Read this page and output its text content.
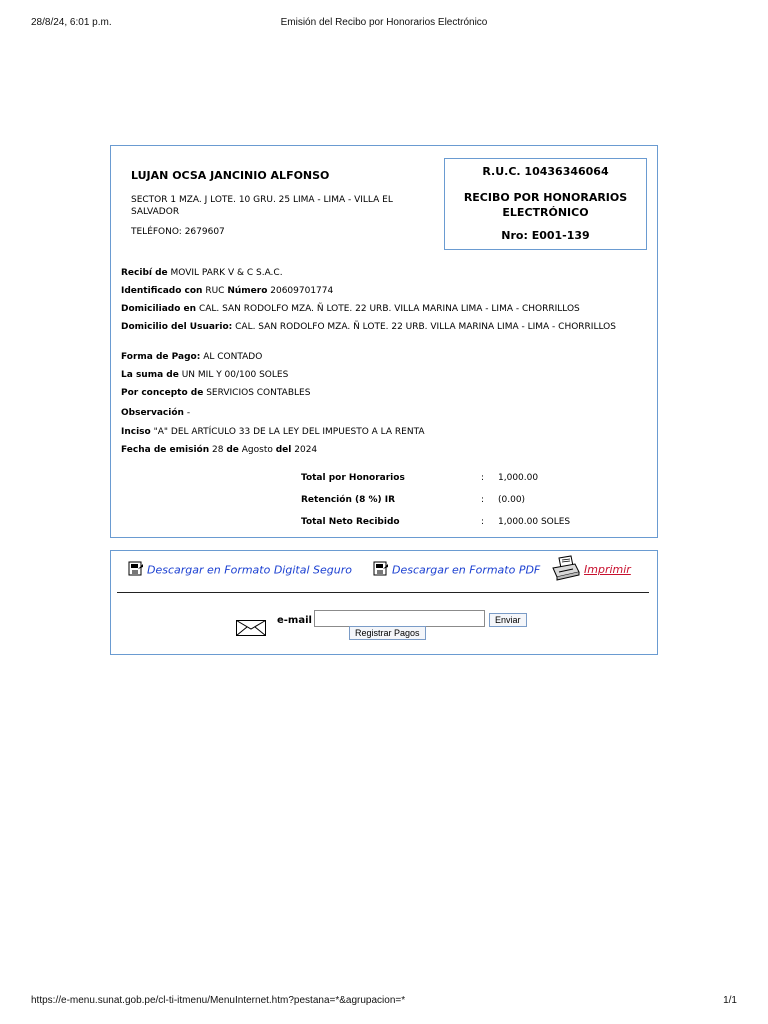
28/8/24, 6:01 p.m.	Emisión del Recibo por Honorarios Electrónico
LUJAN OCSA JANCINIO ALFONSO
SECTOR 1 MZA. J LOTE. 10 GRU. 25 LIMA - LIMA - VILLA EL SALVADOR
TELÉFONO: 2679607
R.U.C. 10436346064
RECIBO POR HONORARIOS ELECTRÓNICO
Nro: E001-139
Recibí de MOVIL PARK V & C S.A.C.
Identificado con RUC Número 20609701774
Domiciliado en CAL. SAN RODOLFO MZA. Ñ LOTE. 22 URB. VILLA MARINA LIMA - LIMA - CHORRILLOS
Domicilio del Usuario: CAL. SAN RODOLFO MZA. Ñ LOTE. 22 URB. VILLA MARINA LIMA - LIMA - CHORRILLOS
Forma de Pago: AL CONTADO
La suma de UN MIL Y 00/100 SOLES
Por concepto de SERVICIOS CONTABLES
Observación -
Inciso "A" DEL ARTÍCULO 33 DE LA LEY DEL IMPUESTO A LA RENTA
Fecha de emisión 28 de Agosto del 2024
Total por Honorarios	: 1,000.00
Retención (8 %) IR	: (0.00)
Total Neto Recibido	: 1,000.00 SOLES
Descargar en Formato Digital Seguro	Descargar en Formato PDF	Imprimir
e-mail	Enviar
Registrar Pagos
https://e-menu.sunat.gob.pe/cl-ti-itmenu/MenuInternet.htm?pestana=*&agrupacion=*	1/1
